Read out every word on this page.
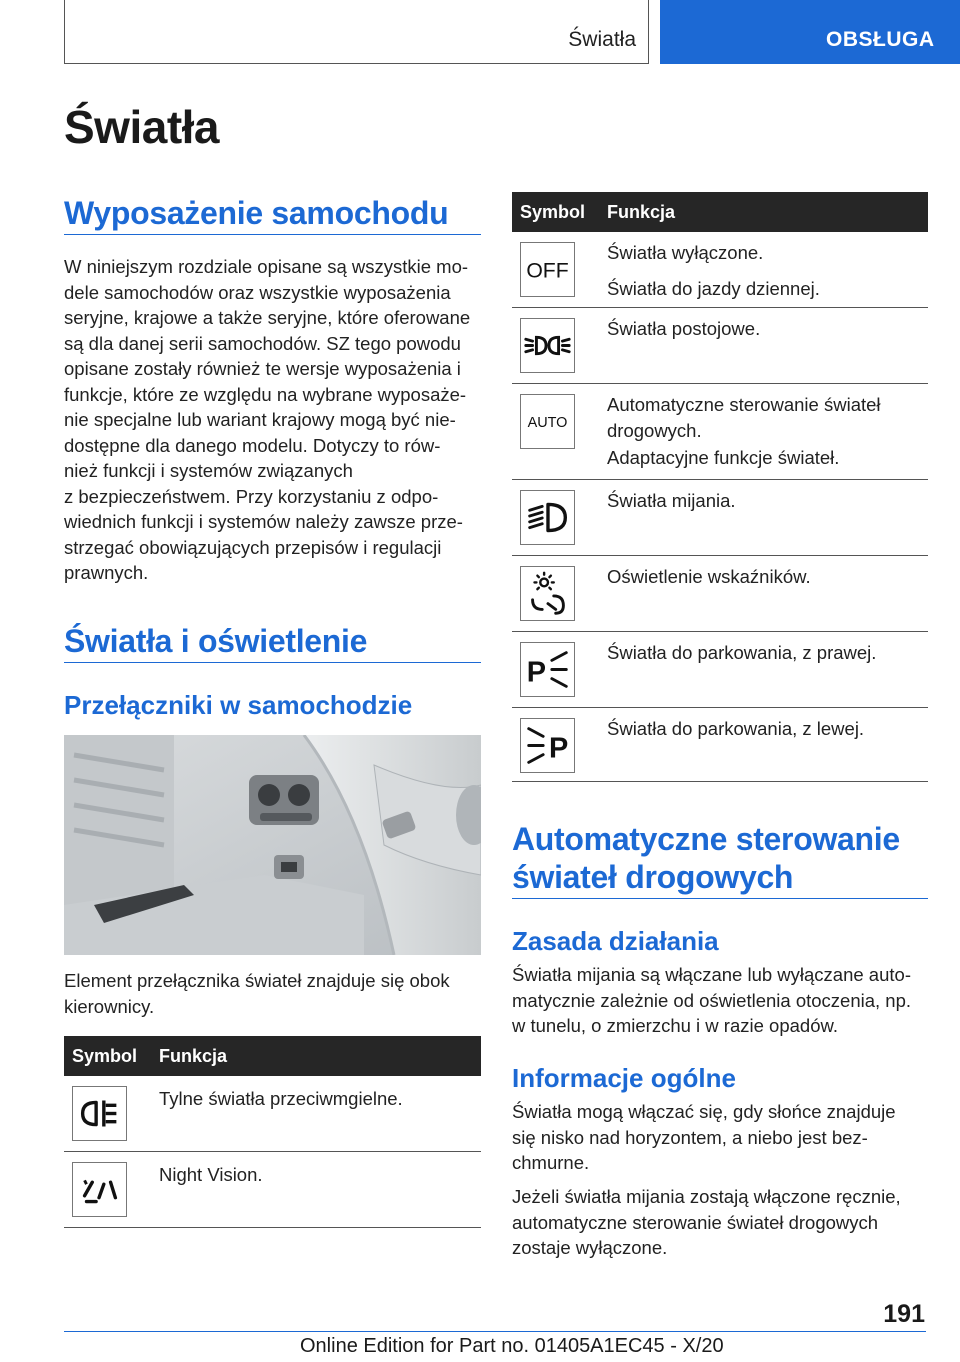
Światła	OBSŁUGA
Światła
Wyposażenie samochodu
W niniejszym rozdziale opisane są wszystkie mo‐
dele samochodów oraz wszystkie wyposażenia
seryjne, krajowe a także seryjne, które oferowane
są dla danej serii samochodów. SZ tego powodu
opisane zostały również te wersje wyposażenia i
funkcje, które ze względu na wybrane wyposaże‐
nie specjalne lub wariant krajowy mogą być nie‐
dostępne dla danego modelu. Dotyczy to rów‐
nież funkcji i systemów związanych
z bezpieczeństwem. Przy korzystaniu z odpo‐
wiednich funkcji i systemów należy zawsze prze‐
strzegać obowiązujących przepisów i regulacji
prawnych.
Światła i oświetlenie
Przełączniki w samochodzie
Element przełącznika świateł znajduje się obok
kierownicy.
Symbol Funkcja

Tylne światła przeciwmgielne.

Night Vision.

Symbol Funkcja
OFF

Światła wyłączone.

Światła do jazdy dziennej.

Światła postojowe.

AUTO

Automatyczne sterowanie świateł drogowych.

Adaptacyjne funkcje świateł.

Światła mijania.

Oświetlenie wskaźników.

P

Światła do parkowania, z prawej.

P

Światła do parkowania, z lewej.

Automatyczne sterowanie
świateł drogowych
Zasada działania
Światła mijania są włączane lub wyłączane auto‐
matycznie zależnie od oświetlenia otoczenia, np.
w tunelu, o zmierzchu i w razie opadów.
Informacje ogólne
Światła mogą włączać się, gdy słońce znajduje
się nisko nad horyzontem, a niebo jest bez‐
chmurne.
Jeżeli światła mijania zostają włączone ręcznie,
automatyczne sterowanie świateł drogowych
zostaje wyłączone.
191
Online Edition for Part no. 01405A1EC45 - X/20
